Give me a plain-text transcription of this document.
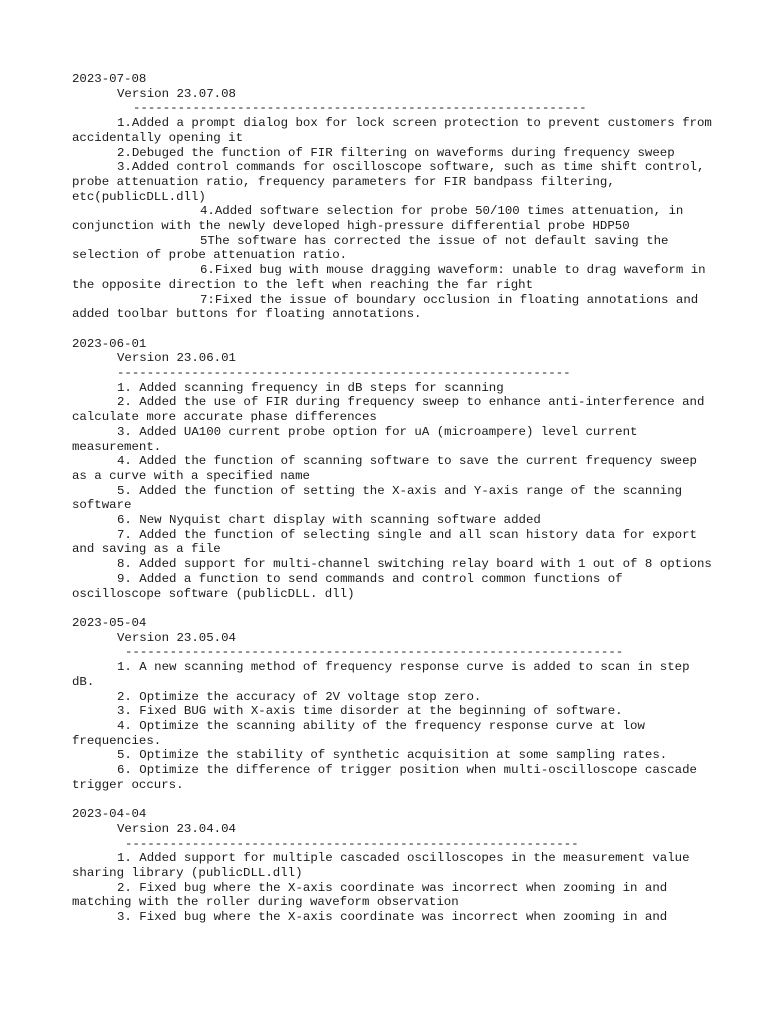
2023-07-08
Version 23.07.08
-------------------------------------------------------------
1.Added a prompt dialog box for lock screen protection to prevent customers from accidentally opening it
2.Debuged the function of FIR filtering on waveforms during frequency sweep
3.Added control commands for oscilloscope software, such as time shift control, probe attenuation ratio, frequency parameters for FIR bandpass filtering, etc(publicDLL.dll)
4.Added software selection for probe 50/100 times attenuation, in conjunction with the newly developed high-pressure differential probe HDP50
5The software has corrected the issue of not default saving the selection of probe attenuation ratio.
6.Fixed bug with mouse dragging waveform: unable to drag waveform in the opposite direction to the left when reaching the far right
7:Fixed the issue of boundary occlusion in floating annotations and added toolbar buttons for floating annotations.
2023-06-01
Version 23.06.01
-------------------------------------------------------------
1. Added scanning frequency in dB steps for scanning
2. Added the use of FIR during frequency sweep to enhance anti-interference and calculate more accurate phase differences
3. Added UA100 current probe option for uA (microampere) level current measurement.
4. Added the function of scanning software to save the current frequency sweep as a curve with a specified name
5. Added the function of setting the X-axis and Y-axis range of the scanning software
6. New Nyquist chart display with scanning software added
7. Added the function of selecting single and all scan history data for export and saving as a file
8. Added support for multi-channel switching relay board with 1 out of 8 options
9. Added a function to send commands and control common functions of oscilloscope software (publicDLL. dll)
2023-05-04
Version 23.05.04
-------------------------------------------------------------------
1. A new scanning method of frequency response curve is added to scan in step dB.
2. Optimize the accuracy of 2V voltage stop zero.
3. Fixed BUG with X-axis time disorder at the beginning of software.
4. Optimize the scanning ability of the frequency response curve at low frequencies.
5. Optimize the stability of synthetic acquisition at some sampling rates.
6. Optimize the difference of trigger position when multi-oscilloscope cascade trigger occurs.
2023-04-04
Version 23.04.04
-------------------------------------------------------------
1. Added support for multiple cascaded oscilloscopes in the measurement value sharing library (publicDLL.dll)
2. Fixed bug where the X-axis coordinate was incorrect when zooming in and matching with the roller during waveform observation
3. Fixed bug where the X-axis coordinate was incorrect when zooming in and
